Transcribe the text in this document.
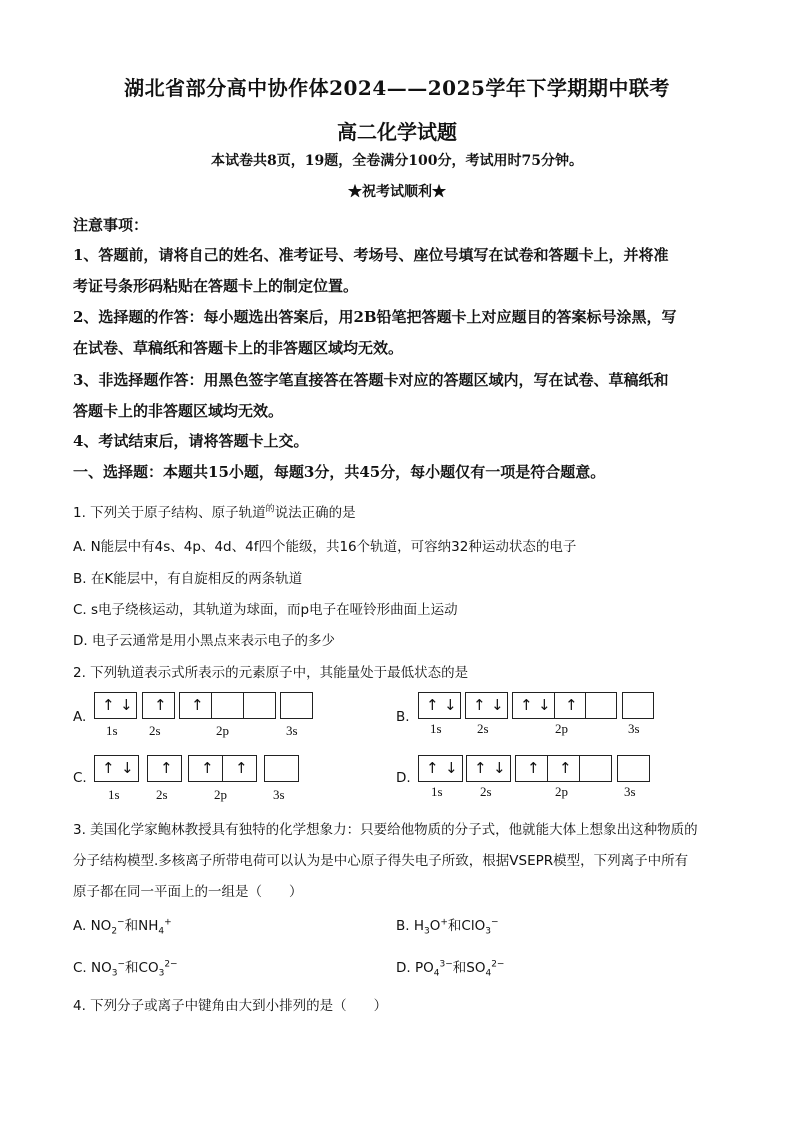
湖北省部分高中协作体2024——2025学年下学期期中联考
高二化学试题
本试卷共8页，19题，全卷满分100分，考试用时75分钟。
★祝考试顺利★
注意事项：
1、答题前，请将自己的姓名、准考证号、考场号、座位号填写在试卷和答题卡上，并将准
考证号条形码粘贴在答题卡上的制定位置。
2、选择题的作答：每小题选出答案后，用2B铅笔把答题卡上对应题目的答案标号涂黑，写
在试卷、草稿纸和答题卡上的非答题区域均无效。
3、非选择题作答：用黑色签字笔直接答在答题卡对应的答题区域内，写在试卷、草稿纸和
答题卡上的非答题区域均无效。
4、考试结束后，请将答题卡上交。
一、选择题：本题共15小题，每题3分，共45分，每小题仅有一项是符合题意。
1. 下列关于原子结构、原子轨道$^的$说法正确的是
A. N能层中有4s、4p、4d、4f四个能级，共16个轨道，可容纳32种运动状态的电子
B. 在K能层中，有自旋相反的两条轨道
C. s电子绕核运动，其轨道为球面，而p电子在哑铃形曲面上运动
D. 电子云通常是用小黑点来表示电子的多少
2. 下列轨道表示式所表示的元素原子中，其能量处于最低状态的是
A.
↑ ↓ ↑ ↑
1s 2s	2p	3s
B.
↑ ↓ ↑ ↓ ↑ ↓ ↑
1s	2s	2p	3s
C.
↑ ↓ ↑ ↑ ↑
1s	2s	2p	3s
D.
↑ ↓ ↑ ↓ ↑ ↑
1s	2s	2p	3s
3. 美国化学家鲍林教授具有独特的化学想象力：只要给他物质的分子式，他就能大体上想象出这种物质的
分子结构模型.多核离子所带电荷可以认为是中心原子得失电子所致，根据VSEPR模型，下列离子中所有
原子都在同一平面上的一组是（　　）
A. $NO_2^-$和$NH_4^+$	B. $H_3O^+$和ClO$_3$−
C. $NO_3^-$和$CO_3^{2-}$	D. $PO_4^{3-}$和$SO_4^{2-}$
4. 下列分子或离子中键角由大到小排列的是（　　）
